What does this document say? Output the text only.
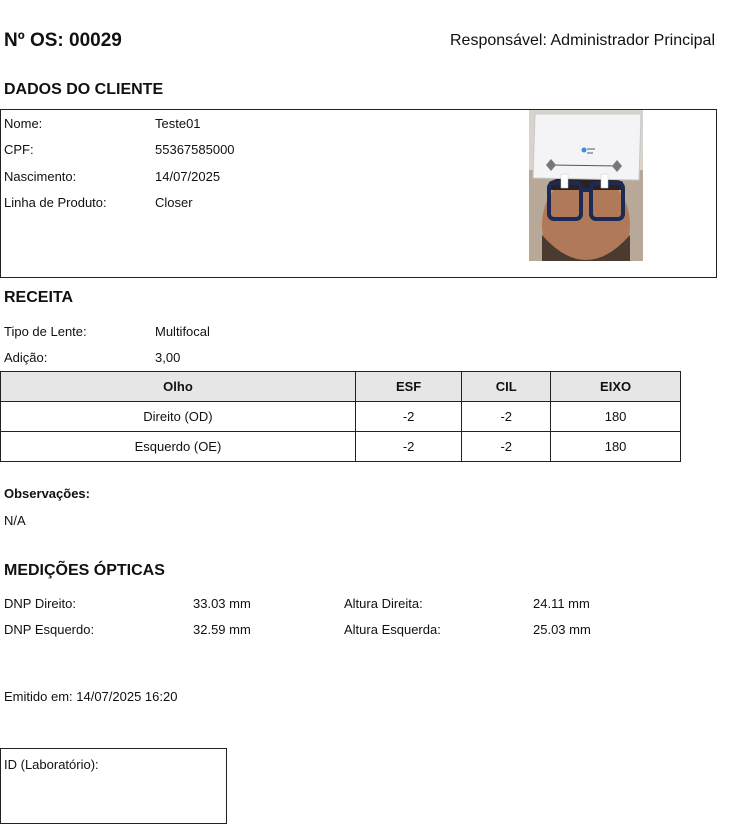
Nº OS: 00029	Responsável: Administrador Principal
DADOS DO CLIENTE
Nome:	Teste01
CPF:	55367585000
Nascimento:	14/07/2025
Linha de Produto:	Closer
RECEITA
Tipo de Lente:	Multifocal
Adição:	3,00
Olho	ESF	CIL	EIXO
Direito (OD)	-2	-2	180
Esquerdo (OE)	-2	-2	180
Observações:
N/A
MEDIÇÕES ÓPTICAS
DNP Direito:	33.03 mm	Altura Direita:	24.11 mm
DNP Esquerdo:	32.59 mm	Altura Esquerda:	25.03 mm
Emitido em: 14/07/2025 16:20
ID (Laboratório):
